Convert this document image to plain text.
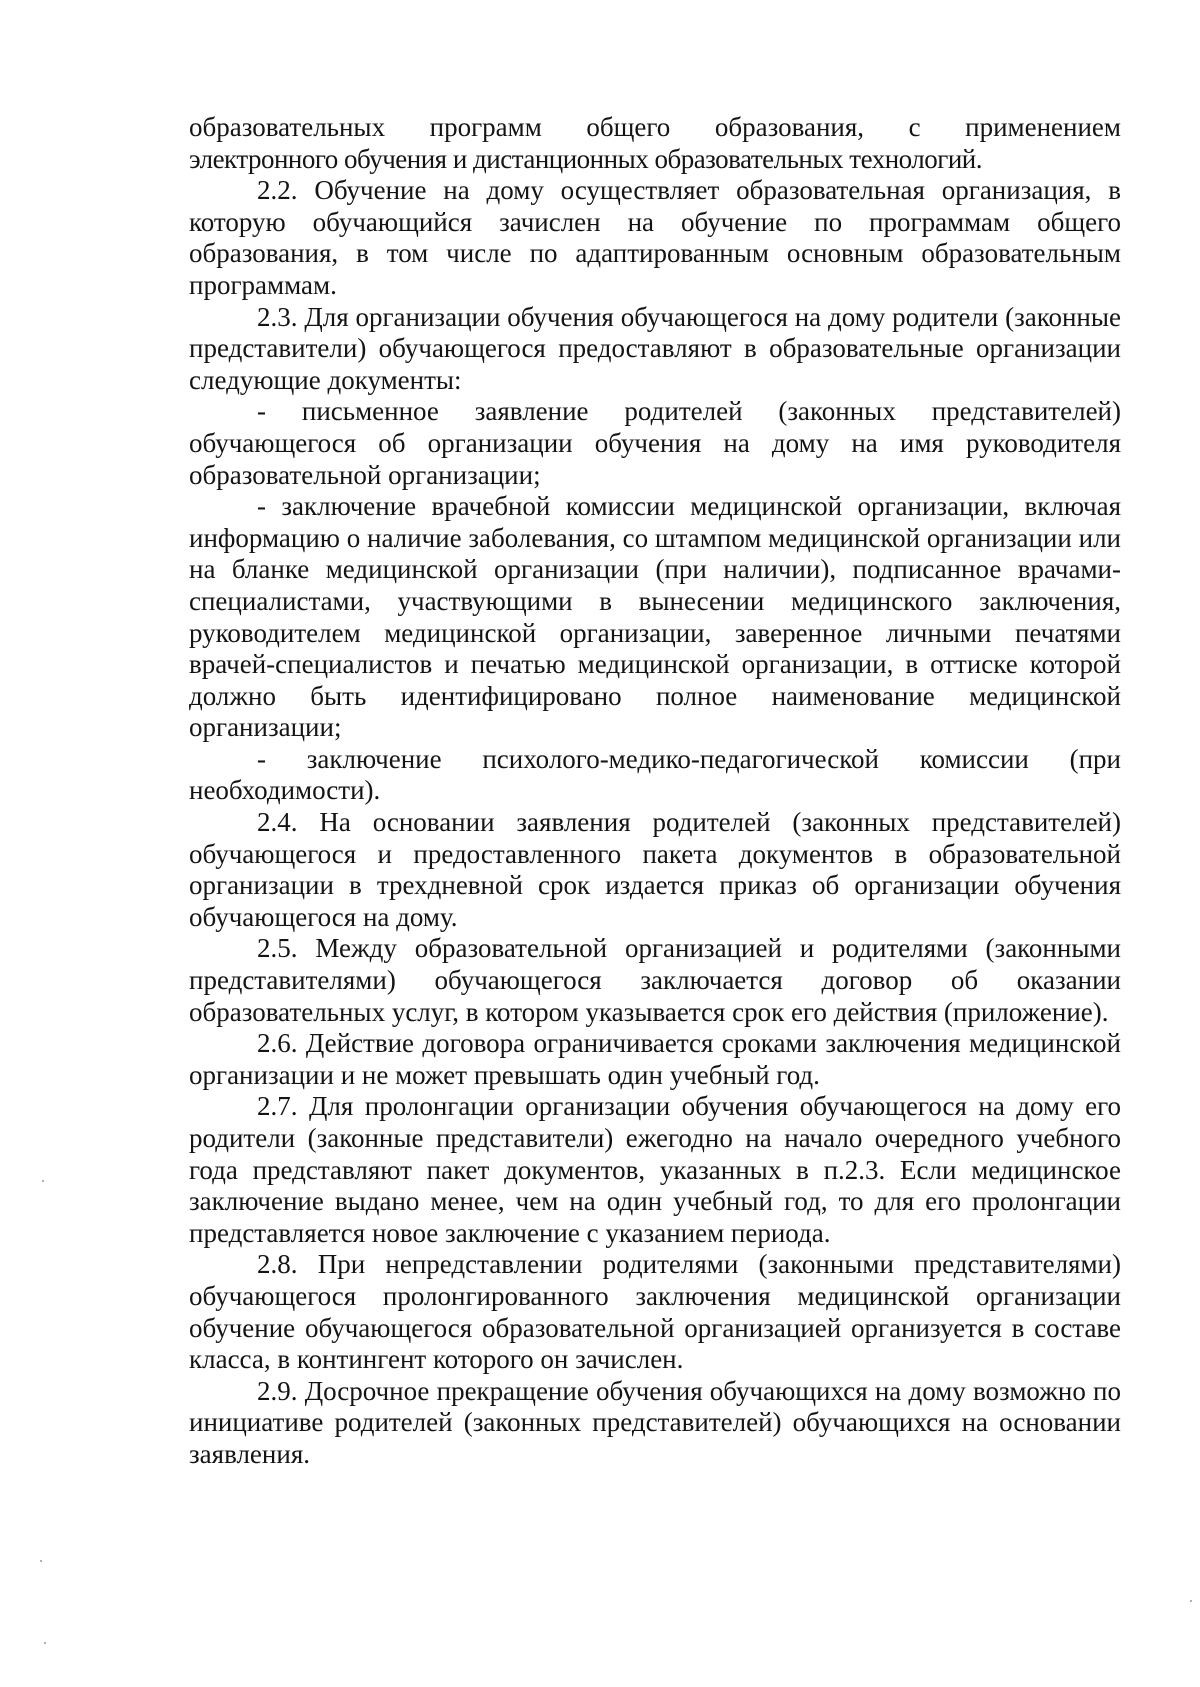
образовательных программ общего образования, с применением

электронного обучения и дистанционных образовательных технологий.

2.2. Обучение на дому осуществляет образовательная организация, в которую обучающийся зачислен на обучение по программам общего образования, в том числе по адаптированным основным образовательным программам.

2.3. Для организации обучения обучающегося на дому родители (законные представители) обучающегося предоставляют в образовательные организации следующие документы:

- письменное заявление родителей (законных представителей) обучающегося об организации обучения на дому на имя руководителя образовательной организации;

- заключение врачебной комиссии медицинской организации, включая информацию о наличие заболевания, со штампом медицинской организации или на бланке медицинской организации (при наличии), подписанное врачами-специалистами, участвующими в вынесении медицинского заключения, руководителем медицинской организации, заверенное личными печатями врачей-специалистов и печатью медицинской организации, в оттиске которой должно быть идентифицировано полное наименование медицинской организации;

- заключение психолого-медико-педагогической комиссии (при необходимости).

2.4. На основании заявления родителей (законных представителей) обучающегося и предоставленного пакета документов в образовательной организации в трехдневной срок издается приказ об организации обучения обучающегося на дому.

2.5. Между образовательной организацией и родителями (законными представителями) обучающегося заключается договор об оказании образовательных услуг, в котором указывается срок его действия (приложение).

2.6. Действие договора ограничивается сроками заключения медицинской организации и не может превышать один учебный год.

2.7. Для пролонгации организации обучения обучающегося на дому его родители (законные представители) ежегодно на начало очередного учебного года представляют пакет документов, указанных в п.2.3. Если медицинское заключение выдано менее, чем на один учебный год, то для его пролонгации представляется новое заключение с указанием периода.

2.8. При непредставлении родителями (законными представителями) обучающегося пролонгированного заключения медицинской организации обучение обучающегося образовательной организацией организуется в составе класса, в контингент которого он зачислен.

2.9. Досрочное прекращение обучения обучающихся на дому возможно по инициативе родителей (законных представителей) обучающихся на основании заявления.
